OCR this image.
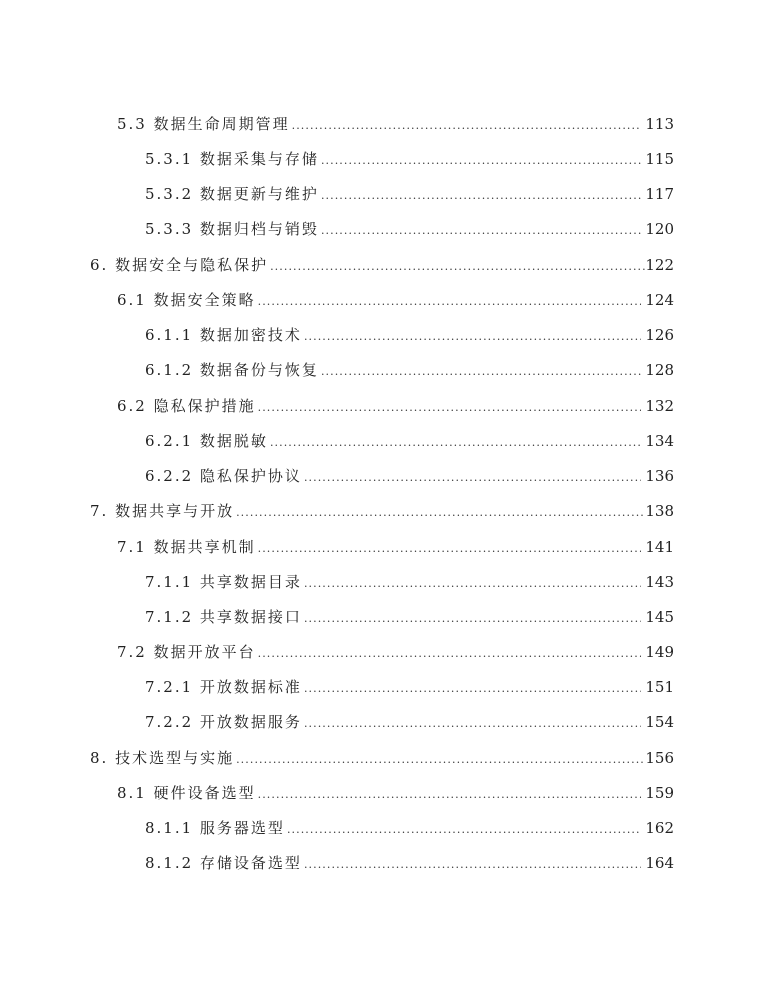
5.3 数据生命周期管理 . . .	113
5.3.1 数据采集与存储 . . .	115
5.3.2 数据更新与维护 . . .	117
5.3.3 数据归档与销毁 . . .	120
6. 数据安全与隐私保护 . . .	122
6.1 数据安全策略 . . .	124
6.1.1 数据加密技术 . . .	126
6.1.2 数据备份与恢复 . . .	128
6.2 隐私保护措施 . . .	132
6.2.1 数据脱敏 . . .	134
6.2.2 隐私保护协议 . . .	136
7. 数据共享与开放 . . .	138
7.1 数据共享机制 . . .	141
7.1.1 共享数据目录 . . .	143
7.1.2 共享数据接口 . . .	145
7.2 数据开放平台 . . .	149
7.2.1 开放数据标准 . . .	151
7.2.2 开放数据服务 . . .	154
8. 技术选型与实施 . . .	156
8.1 硬件设备选型 . . .	159
8.1.1 服务器选型 . . .	162
8.1.2 存储设备选型 . . .	164
